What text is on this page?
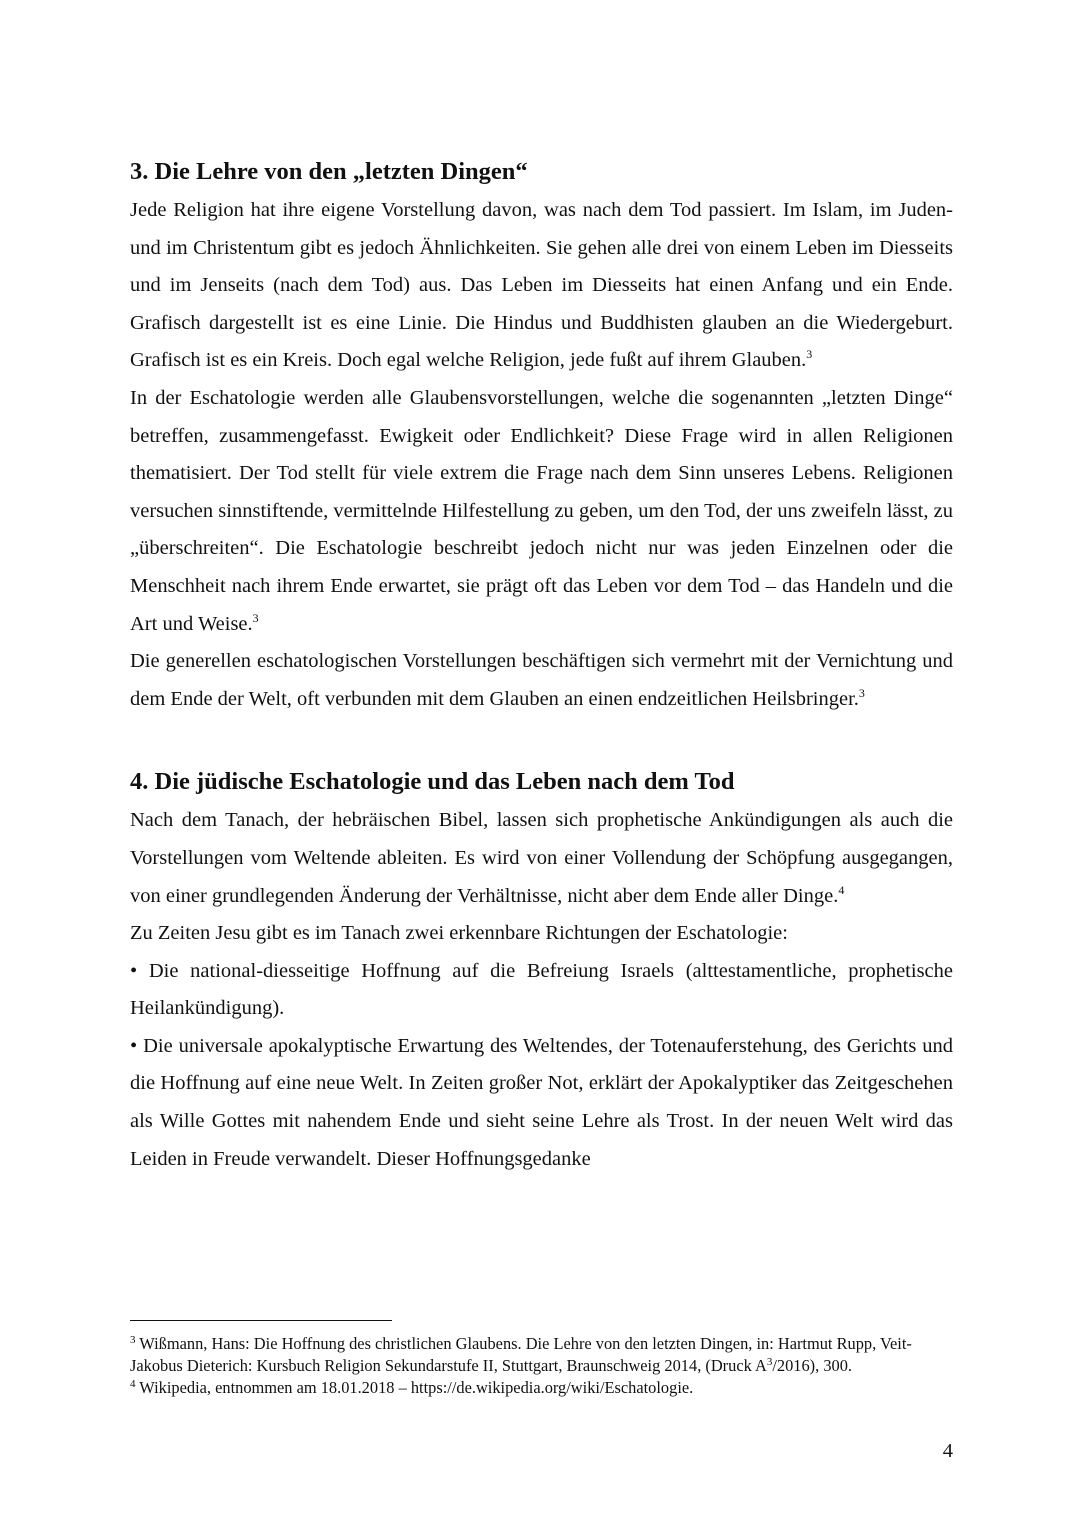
3. Die Lehre von den „letzten Dingen“

Jede Religion hat ihre eigene Vorstellung davon, was nach dem Tod passiert. Im Islam, im Juden- und im Christentum gibt es jedoch Ähnlichkeiten. Sie gehen alle drei von einem Leben im Diesseits und im Jenseits (nach dem Tod) aus. Das Leben im Diesseits hat einen Anfang und ein Ende. Grafisch dargestellt ist es eine Linie. Die Hindus und Buddhisten glauben an die Wiedergeburt. Grafisch ist es ein Kreis. Doch egal welche Religion, jede fußt auf ihrem Glauben.$^3$

In der Eschatologie werden alle Glaubensvorstellungen, welche die sogenannten „letzten Dinge“ betreffen, zusammengefasst. Ewigkeit oder Endlichkeit? Diese Frage wird in allen Religionen thematisiert. Der Tod stellt für viele extrem die Frage nach dem Sinn unseres Lebens. Religionen versuchen sinnstiftende, vermittelnde Hilfestellung zu geben, um den Tod, der uns zweifeln lässt, zu „überschreiten“. Die Eschatologie beschreibt jedoch nicht nur was jeden Einzelnen oder die Menschheit nach ihrem Ende erwartet, sie prägt oft das Leben vor dem Tod – das Handeln und die Art und Weise.$^3$

Die generellen eschatologischen Vorstellungen beschäftigen sich vermehrt mit der Vernichtung und dem Ende der Welt, oft verbunden mit dem Glauben an einen endzeitlichen Heilsbringer.$^3$

4. Die jüdische Eschatologie und das Leben nach dem Tod

Nach dem Tanach, der hebräischen Bibel, lassen sich prophetische Ankündigungen als auch die Vorstellungen vom Weltende ableiten. Es wird von einer Vollendung der Schöpfung ausgegangen, von einer grundlegenden Änderung der Verhältnisse, nicht aber dem Ende aller Dinge.$^4$

Zu Zeiten Jesu gibt es im Tanach zwei erkennbare Richtungen der Eschatologie:

• Die national-diesseitige Hoffnung auf die Befreiung Israels (alttestamentliche, prophetische Heilankündigung).

• Die universale apokalyptische Erwartung des Weltendes, der Totenauferstehung, des Gerichts und die Hoffnung auf eine neue Welt. In Zeiten großer Not, erklärt der Apokalyptiker das Zeitgeschehen als Wille Gottes mit nahendem Ende und sieht seine Lehre als Trost. In der neuen Welt wird das Leiden in Freude verwandelt. Dieser Hoffnungsgedanke

$^3$ Wißmann, Hans: Die Hoffnung des christlichen Glaubens. Die Lehre von den letzten Dingen, in: Hartmut Rupp, Veit-Jakobus Dieterich: Kursbuch Religion Sekundarstufe II, Stuttgart, Braunschweig 2014, (Druck $A^3/2016$), 300.

$^4$ Wikipedia, entnommen am 18.01.2018 – https://de.wikipedia.org/wiki/Eschatologie.

4
